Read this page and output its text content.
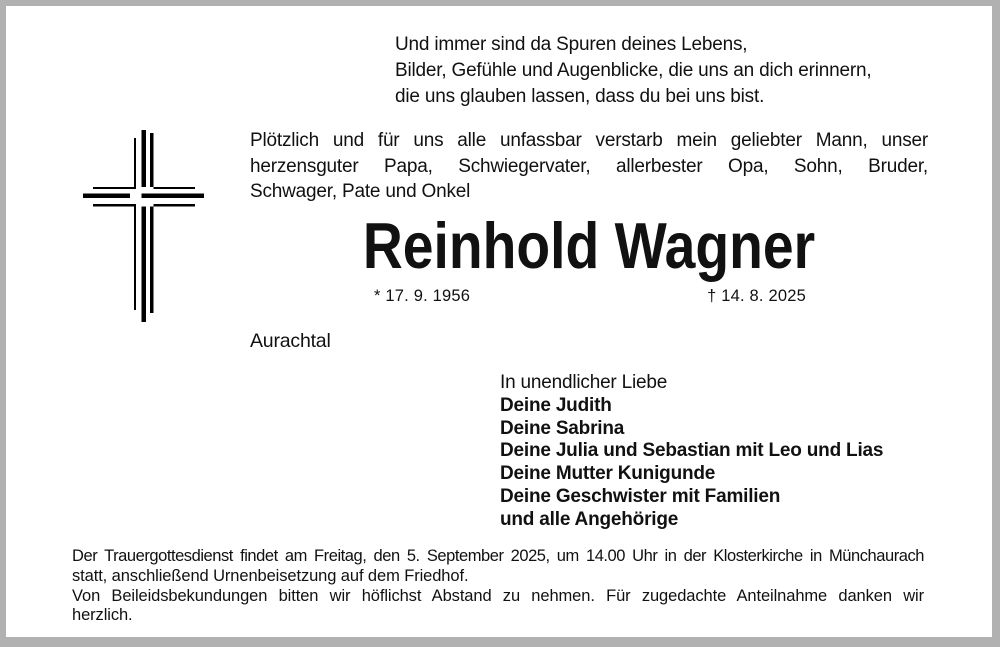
Und immer sind da Spuren deines Lebens,
Bilder, Gefühle und Augenblicke, die uns an dich erinnern,
die uns glauben lassen, dass du bei uns bist.
Plötzlich und für uns alle unfassbar verstarb mein geliebter Mann, unser
herzensguter Papa, Schwiegervater, allerbester Opa, Sohn, Bruder,
Schwager, Pate und Onkel
Reinhold Wagner
* 17. 9. 1956	† 14. 8. 2025
Aurachtal
In unendlicher Liebe
Deine Judith
Deine Sabrina
Deine Julia und Sebastian mit Leo und Lias
Deine Mutter Kunigunde
Deine Geschwister mit Familien
und alle Angehörige
Der Trauergottesdienst findet am Freitag, den 5. September 2025, um 14.00 Uhr in der Klosterkirche in Münchaurach
statt, anschließend Urnenbeisetzung auf dem Friedhof.
Von Beileidsbekundungen bitten wir höflichst Abstand zu nehmen. Für zugedachte Anteilnahme danken wir
herzlich.
